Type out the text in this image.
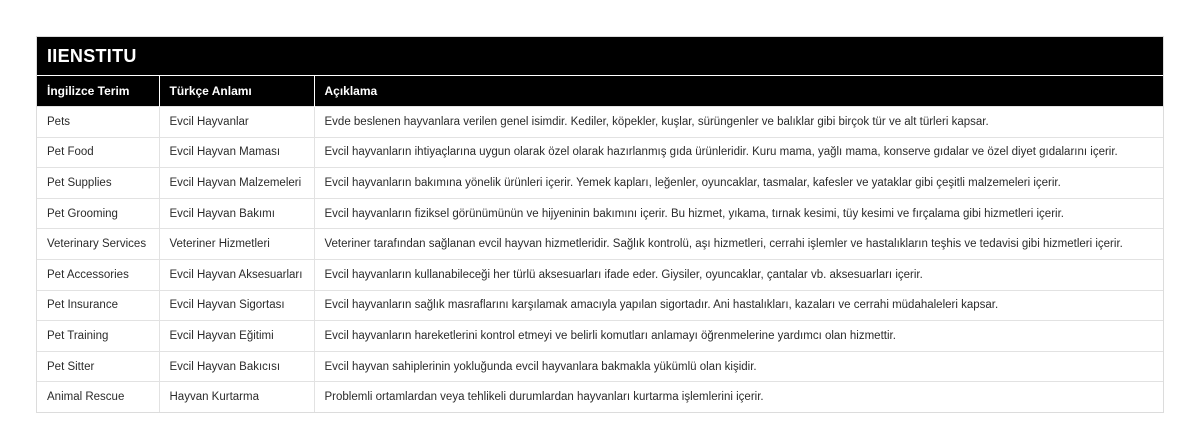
IIENSTITU
İngilizce Terim	Türkçe Anlamı	Açıklama
Pets	Evcil Hayvanlar	Evde beslenen hayvanlara verilen genel isimdir. Kediler, köpekler, kuşlar, sürüngenler ve balıklar gibi birçok tür ve alt türleri kapsar.
Pet Food	Evcil Hayvan Maması	Evcil hayvanların ihtiyaçlarına uygun olarak özel olarak hazırlanmış gıda ürünleridir. Kuru mama, yağlı mama, konserve gıdalar ve özel diyet gıdalarını içerir.
Pet Supplies	Evcil Hayvan Malzemeleri	Evcil hayvanların bakımına yönelik ürünleri içerir. Yemek kapları, leğenler, oyuncaklar, tasmalar, kafesler ve yataklar gibi çeşitli malzemeleri içerir.
Pet Grooming	Evcil Hayvan Bakımı	Evcil hayvanların fiziksel görünümünün ve hijyeninin bakımını içerir. Bu hizmet, yıkama, tırnak kesimi, tüy kesimi ve fırçalama gibi hizmetleri içerir.
Veterinary Services	Veteriner Hizmetleri	Veteriner tarafından sağlanan evcil hayvan hizmetleridir. Sağlık kontrolü, aşı hizmetleri, cerrahi işlemler ve hastalıkların teşhis ve tedavisi gibi hizmetleri içerir.
Pet Accessories	Evcil Hayvan Aksesuarları	Evcil hayvanların kullanabileceği her türlü aksesuarları ifade eder. Giysiler, oyuncaklar, çantalar vb. aksesuarları içerir.
Pet Insurance	Evcil Hayvan Sigortası	Evcil hayvanların sağlık masraflarını karşılamak amacıyla yapılan sigortadır. Ani hastalıkları, kazaları ve cerrahi müdahaleleri kapsar.
Pet Training	Evcil Hayvan Eğitimi	Evcil hayvanların hareketlerini kontrol etmeyi ve belirli komutları anlamayı öğrenmelerine yardımcı olan hizmettir.
Pet Sitter	Evcil Hayvan Bakıcısı	Evcil hayvan sahiplerinin yokluğunda evcil hayvanlara bakmakla yükümlü olan kişidir.
Animal Rescue	Hayvan Kurtarma	Problemli ortamlardan veya tehlikeli durumlardan hayvanları kurtarma işlemlerini içerir.
